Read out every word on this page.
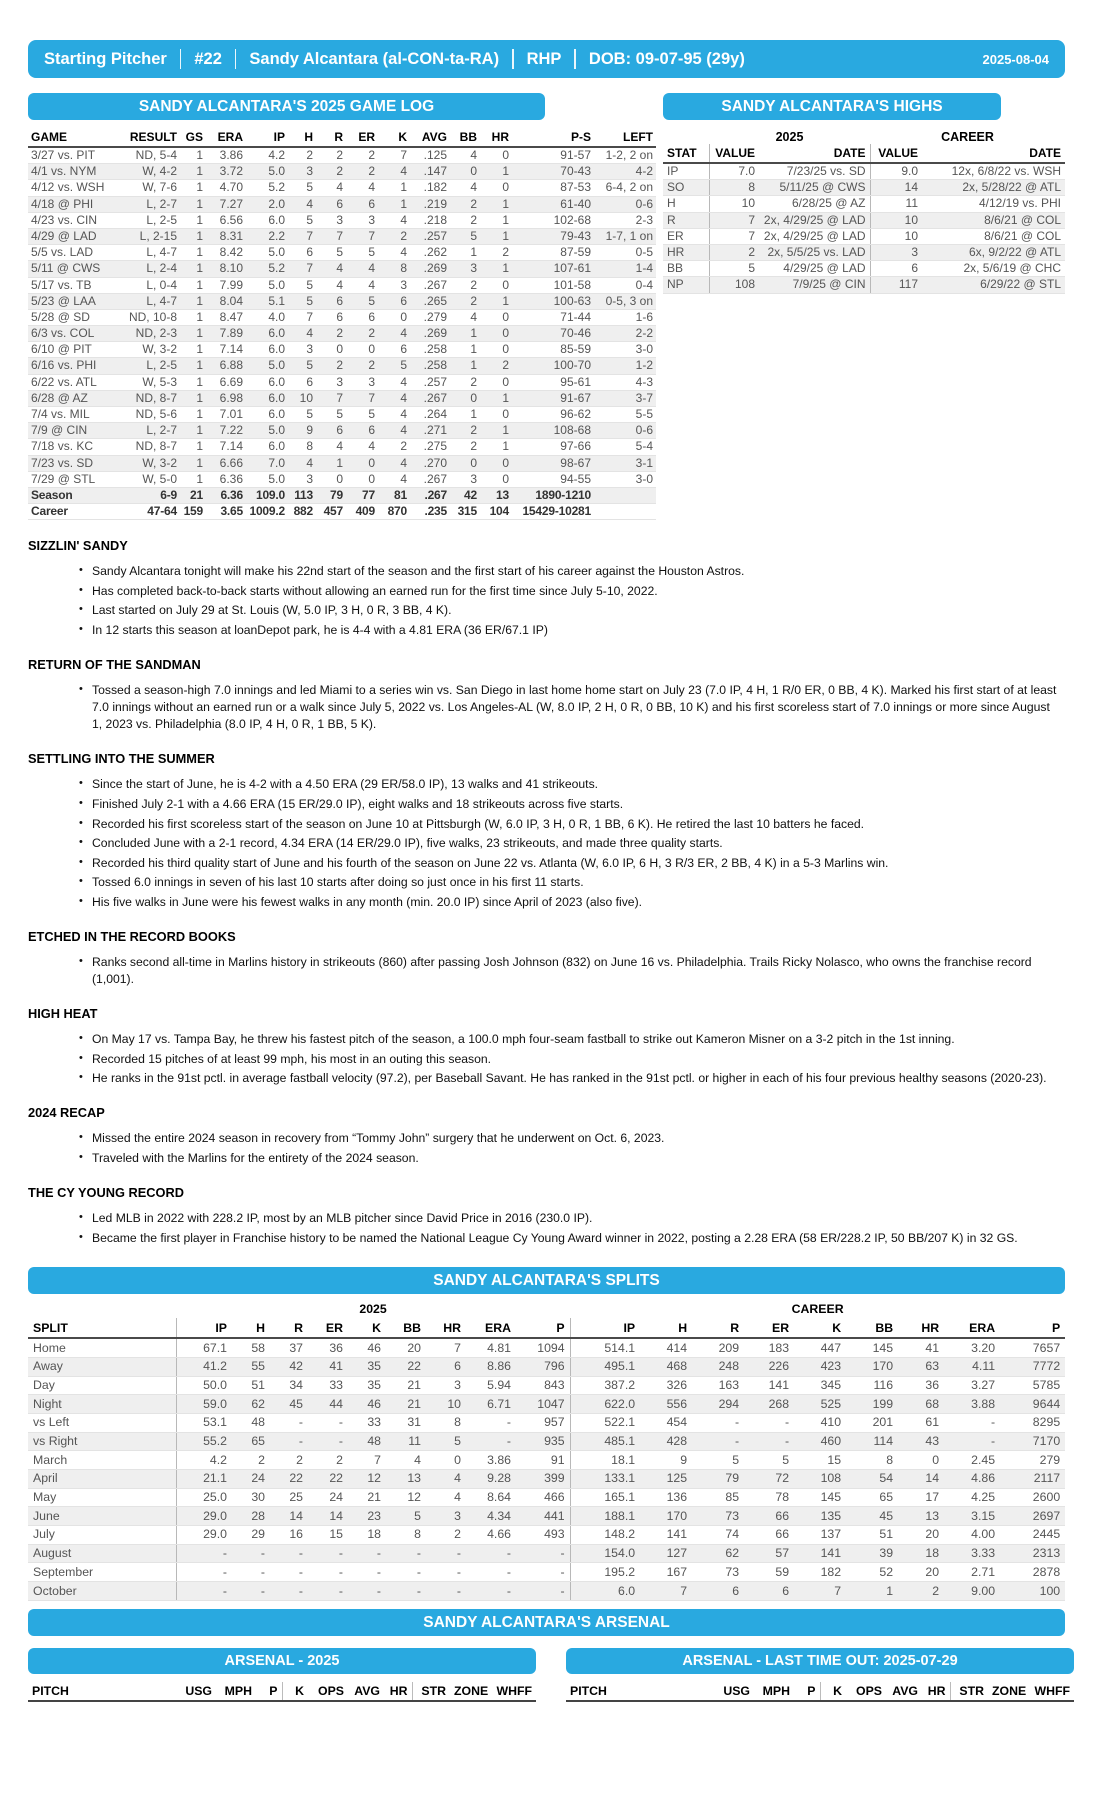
Starting Pitcher #22 Sandy Alcantara (al-CON-ta-RA) RHP DOB: 09-07-95 (29y)	2025-08-04
SANDY ALCANTARA'S 2025 GAME LOG
GAME	RESULT	GS	ERA	IP	H	R	ER	K	AVG	BB	HR	P-S	LEFT
3/27 vs. PIT	ND, 5-4	1	3.86	4.2	2	2	2	7	.125	4	0	91-57	1-2, 2 on
4/1 vs. NYM	W, 4-2	1	3.72	5.0	3	2	2	4	.147	0	1	70-43	4-2
4/12 vs. WSH	W, 7-6	1	4.70	5.2	5	4	4	1	.182	4	0	87-53	6-4, 2 on
4/18 @ PHI	L, 2-7	1	7.27	2.0	4	6	6	1	.219	2	1	61-40	0-6
4/23 vs. CIN	L, 2-5	1	6.56	6.0	5	3	3	4	.218	2	1	102-68	2-3
4/29 @ LAD	L, 2-15	1	8.31	2.2	7	7	7	2	.257	5	1	79-43	1-7, 1 on
5/5 vs. LAD	L, 4-7	1	8.42	5.0	6	5	5	4	.262	1	2	87-59	0-5
5/11 @ CWS	L, 2-4	1	8.10	5.2	7	4	4	8	.269	3	1	107-61	1-4
5/17 vs. TB	L, 0-4	1	7.99	5.0	5	4	4	3	.267	2	0	101-58	0-4
5/23 @ LAA	L, 4-7	1	8.04	5.1	5	6	5	6	.265	2	1	100-63	0-5, 3 on
5/28 @ SD	ND, 10-8	1	8.47	4.0	7	6	6	0	.279	4	0	71-44	1-6
6/3 vs. COL	ND, 2-3	1	7.89	6.0	4	2	2	4	.269	1	0	70-46	2-2
6/10 @ PIT	W, 3-2	1	7.14	6.0	3	0	0	6	.258	1	0	85-59	3-0
6/16 vs. PHI	L, 2-5	1	6.88	5.0	5	2	2	5	.258	1	2	100-70	1-2
6/22 vs. ATL	W, 5-3	1	6.69	6.0	6	3	3	4	.257	2	0	95-61	4-3
6/28 @ AZ	ND, 8-7	1	6.98	6.0	10	7	7	4	.267	0	1	91-67	3-7
7/4 vs. MIL	ND, 5-6	1	7.01	6.0	5	5	5	4	.264	1	0	96-62	5-5
7/9 @ CIN	L, 2-7	1	7.22	5.0	9	6	6	4	.271	2	1	108-68	0-6
7/18 vs. KC	ND, 8-7	1	7.14	6.0	8	4	4	2	.275	2	1	97-66	5-4
7/23 vs. SD	W, 3-2	1	6.66	7.0	4	1	0	4	.270	0	0	98-67	3-1
7/29 @ STL	W, 5-0	1	6.36	5.0	3	0	0	4	.267	3	0	94-55	3-0
Season	6-9	21	6.36	109.0	113	79	77	81	.267	42	13	1890-1210	
Career	47-64	159	3.65	1009.2	882	457	409	870	.235	315	104	15429-10281	
SANDY ALCANTARA'S HIGHS
	2025		CAREER	
STAT	VALUE	DATE	VALUE	DATE
IP	7.0	7/23/25 vs. SD	9.0	12x, 6/8/22 vs. WSH
SO	8	5/11/25 @ CWS	14	2x, 5/28/22 @ ATL
H	10	6/28/25 @ AZ	11	4/12/19 vs. PHI
R	7	2x, 4/29/25 @ LAD	10	8/6/21 @ COL
ER	7	2x, 4/29/25 @ LAD	10	8/6/21 @ COL
HR	2	2x, 5/5/25 vs. LAD	3	6x, 9/2/22 @ ATL
BB	5	4/29/25 @ LAD	6	2x, 5/6/19 @ CHC
NP	108	7/9/25 @ CIN	117	6/29/22 @ STL
SIZZLIN' SANDY
• Sandy Alcantara tonight will make his 22nd start of the season and the first start of his career against the Houston Astros.
• Has completed back-to-back starts without allowing an earned run for the first time since July 5-10, 2022.
• Last started on July 29 at St. Louis (W, 5.0 IP, 3 H, 0 R, 3 BB, 4 K).
• In 12 starts this season at loanDepot park, he is 4-4 with a 4.81 ERA (36 ER/67.1 IP)
RETURN OF THE SANDMAN
• Tossed a season-high 7.0 innings and led Miami to a series win vs. San Diego in last home home start on July 23 (7.0 IP, 4 H, 1 R/0 ER, 0 BB, 4 K). Marked his first start of at least 7.0 innings without an earned run or a walk since July 5, 2022 vs. Los Angeles-AL (W, 8.0 IP, 2 H, 0 R, 0 BB, 10 K) and his first scoreless start of 7.0 innings or more since August 1, 2023 vs. Philadelphia (8.0 IP, 4 H, 0 R, 1 BB, 5 K).
SETTLING INTO THE SUMMER
• Since the start of June, he is 4-2 with a 4.50 ERA (29 ER/58.0 IP), 13 walks and 41 strikeouts.
• Finished July 2-1 with a 4.66 ERA (15 ER/29.0 IP), eight walks and 18 strikeouts across five starts.
• Recorded his first scoreless start of the season on June 10 at Pittsburgh (W, 6.0 IP, 3 H, 0 R, 1 BB, 6 K). He retired the last 10 batters he faced.
• Concluded June with a 2-1 record, 4.34 ERA (14 ER/29.0 IP), five walks, 23 strikeouts, and made three quality starts.
• Recorded his third quality start of June and his fourth of the season on June 22 vs. Atlanta (W, 6.0 IP, 6 H, 3 R/3 ER, 2 BB, 4 K) in a 5-3 Marlins win.
• Tossed 6.0 innings in seven of his last 10 starts after doing so just once in his first 11 starts.
• His five walks in June were his fewest walks in any month (min. 20.0 IP) since April of 2023 (also five).
ETCHED IN THE RECORD BOOKS
• Ranks second all-time in Marlins history in strikeouts (860) after passing Josh Johnson (832) on June 16 vs. Philadelphia. Trails Ricky Nolasco, who owns the franchise record (1,001).
HIGH HEAT
• On May 17 vs. Tampa Bay, he threw his fastest pitch of the season, a 100.0 mph four-seam fastball to strike out Kameron Misner on a 3-2 pitch in the 1st inning.
• Recorded 15 pitches of at least 99 mph, his most in an outing this season.
• He ranks in the 91st pctl. in average fastball velocity (97.2), per Baseball Savant. He has ranked in the 91st pctl. or higher in each of his four previous healthy seasons (2020-23).
2024 RECAP
• Missed the entire 2024 season in recovery from “Tommy John” surgery that he underwent on Oct. 6, 2023.
• Traveled with the Marlins for the entirety of the 2024 season.
THE CY YOUNG RECORD
• Led MLB in 2022 with 228.2 IP, most by an MLB pitcher since David Price in 2016 (230.0 IP).
• Became the first player in Franchise history to be named the National League Cy Young Award winner in 2022, posting a 2.28 ERA (58 ER/228.2 IP, 50 BB/207 K) in 32 GS.
SANDY ALCANTARA'S SPLITS
	2025									CAREER								
SPLIT	IP	H	R	ER	K	BB	HR	ERA	P	IP	H	R	ER	K	BB	HR	ERA	P
Home	67.1	58	37	36	46	20	7	4.81	1094	514.1	414	209	183	447	145	41	3.20	7657
Away	41.2	55	42	41	35	22	6	8.86	796	495.1	468	248	226	423	170	63	4.11	7772
Day	50.0	51	34	33	35	21	3	5.94	843	387.2	326	163	141	345	116	36	3.27	5785
Night	59.0	62	45	44	46	21	10	6.71	1047	622.0	556	294	268	525	199	68	3.88	9644
vs Left	53.1	48	-	-	33	31	8	-	957	522.1	454	-	-	410	201	61	-	8295
vs Right	55.2	65	-	-	48	11	5	-	935	485.1	428	-	-	460	114	43	-	7170
March	4.2	2	2	2	7	4	0	3.86	91	18.1	9	5	5	15	8	0	2.45	279
April	21.1	24	22	22	12	13	4	9.28	399	133.1	125	79	72	108	54	14	4.86	2117
May	25.0	30	25	24	21	12	4	8.64	466	165.1	136	85	78	145	65	17	4.25	2600
June	29.0	28	14	14	23	5	3	4.34	441	188.1	170	73	66	135	45	13	3.15	2697
July	29.0	29	16	15	18	8	2	4.66	493	148.2	141	74	66	137	51	20	4.00	2445
August	-	-	-	-	-	-	-	-	-	154.0	127	62	57	141	39	18	3.33	2313
September	-	-	-	-	-	-	-	-	-	195.2	167	73	59	182	52	20	2.71	2878
October	-	-	-	-	-	-	-	-	-	6.0	7	6	6	7	1	2	9.00	100
SANDY ALCANTARA'S ARSENAL
ARSENAL - 2025
PITCH	USG	MPH	P	K	OPS	AVG	HR	STR	ZONE	WHFF
ARSENAL - LAST TIME OUT: 2025-07-29
PITCH	USG	MPH	P	K	OPS	AVG	HR	STR	ZONE	WHFF
